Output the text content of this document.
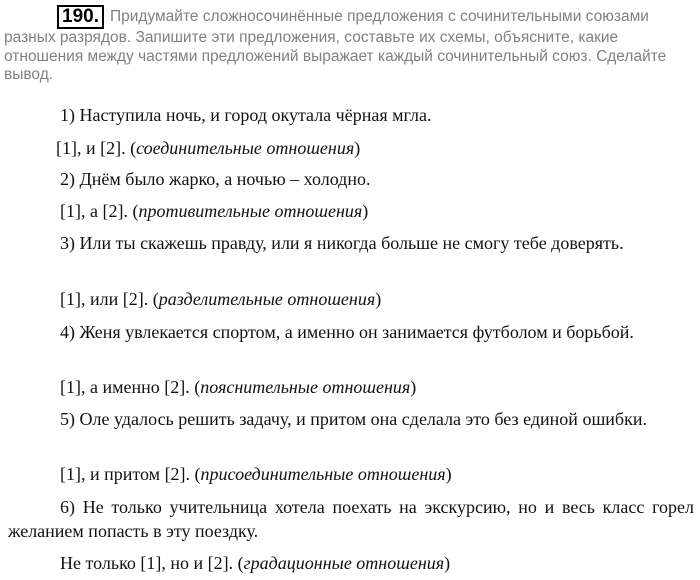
190. Придумайте сложносочинённые предложения с сочинительными союзами разных разрядов. Запишите эти предложения, составьте их схемы, объясните, какие отношения между частями предложений выражает каждый сочинительный союз. Сделайте вывод.

1) Наступила ночь, и город окутала чёрная мгла.

[1], и [2]. (соединительные отношения)

2) Днём было жарко, а ночью – холодно.

[1], а [2]. (противительные отношения)

3) Или ты скажешь правду, или я никогда больше не смогу тебе доверять.

[1], или [2]. (разделительные отношения)

4) Женя увлекается спортом, а именно он занимается футболом и борьбой.

[1], а именно [2]. (пояснительные отношения)

5) Оле удалось решить задачу, и притом она сделала это без единой ошибки.

[1], и притом [2]. (присоединительные отношения)

6) Не только учительница хотела поехать на экскурсию, но и весь класс горел желанием попасть в эту поездку.

Не только [1], но и [2]. (градационные отношения)
